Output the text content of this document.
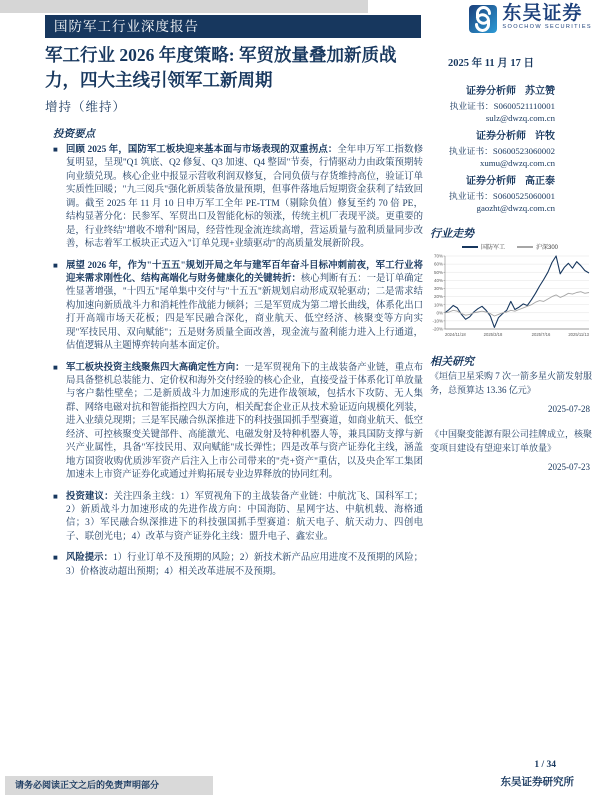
国防军工行业深度报告
军工行业 2026 年度策略: 军贸放量叠加新质战力，四大主线引领军工新周期
增持（维持）
东吴证券
SOOCHOW SECURITIES
2025 年 11 月 17 日
证券分析师 苏立赞
执业证书：S0600521110001
sulz@dwzq.com.cn
证券分析师 许牧
执业证书：S0600523060002
xumu@dwzq.com.cn
证券分析师 高正泰
执业证书：S0600525060001
gaozht@dwzq.com.cn
投资要点
■ 回顾 2025 年，国防军工板块迎来基本面与市场表现的双重拐点：全年申万军工指数修复明显，呈现"Q1 筑底、Q2 修复、Q3 加速、Q4 整固"节奏，行情驱动力由政策预期转向业绩兑现。核心企业中报显示营收利润双修复，合同负债与存货维持高位，验证订单实质性回暖；"九三阅兵"强化新质装备放量预期，但事件落地后短期资金获利了结致回调。截至 2025 年 11 月 10 日申万军工全年 PE-TTM（剔除负值）修复至约 70 倍 PE，结构显著分化：民参军、军贸出口及智能化标的领涨，传统主机厂表现平淡。更重要的是，行业终结"增收不增利"困局，经营性现金流连续高增，营运质量与盈利质量同步改善，标志着军工板块正式迈入"订单兑现+业绩驱动"的高质量发展新阶段。
■ 展望 2026 年，作为"十五五"规划开局之年与建军百年奋斗目标冲刺前夜，军工行业将迎来需求刚性化、结构高端化与财务健康化的关键转折：核心判断有五：一是订单确定性显著增强，"十四五"尾单集中交付与"十五五"新规划启动形成双轮驱动；二是需求结构加速向新质战斗力和消耗性作战能力倾斜；三是军贸成为第二增长曲线，体系化出口打开高端市场天花板；四是军民融合深化，商业航天、低空经济、核聚变等方向实现"军技民用、双向赋能"；五是财务质量全面改善，现金流与盈利能力进入上行通道，估值逻辑从主题博弈转向基本面定价。
■ 军工板块投资主线聚焦四大高确定性方向：一是军贸视角下的主战装备产业链，重点布局具备整机总装能力、定价权和海外交付经验的核心企业，直接受益于体系化订单放量与客户黏性壁垒；二是新质战斗力加速形成的先进作战领域，包括水下攻防、无人集群、网络电磁对抗和智能指控四大方向，相关配套企业正从技术验证迈向规模化列装，进入业绩兑现期；三是军民融合纵深推进下的科技强国抓手型赛道，如商业航天、低空经济、可控核聚变关键部件、高能激光、电磁发射及特种机器人等，兼具国防支撑与新兴产业属性，具备"军技民用、双向赋能"成长弹性；四是改革与资产证券化主线，涵盖地方国资收购优质涉军资产后注入上市公司带来的"壳+资产"重估，以及央企军工集团加速未上市资产证券化或通过并购拓展专业边界释放的协同红利。
■ 投资建议：关注四条主线：1）军贸视角下的主战装备产业链：中航沈飞、国科军工；2）新质战斗力加速形成的先进作战方向：中国海防、星网宇达、中航机载、海格通信；3）军民融合纵深推进下的科技强国抓手型赛道：航天电子、航天动力、四创电子、联创光电；4）改革与资产证券化主线：盟升电子、鑫宏业。
■ 风险提示：1）行业订单不及预期的风险；2）新技术新产品应用进度不及预期的风险；3）价格波动超出预期；4）相关改革进展不及预期。
行业走势
国防军工	沪深300
70%
60%
50%
40%
30%
20%
10%
0%
-10%
-20%
2024/11/18	2025/3/18	2025/7/16	2025/11/13
相关研究
《垣信卫星采购 7 次一箭多星火箭发射服务，总预算达 13.36 亿元》
2025-07-28
《中国聚变能源有限公司挂牌成立，核聚变项目建设有望迎来订单放量》
2025-07-23
1 / 34
东吴证券研究所
请务必阅读正文之后的免责声明部分
